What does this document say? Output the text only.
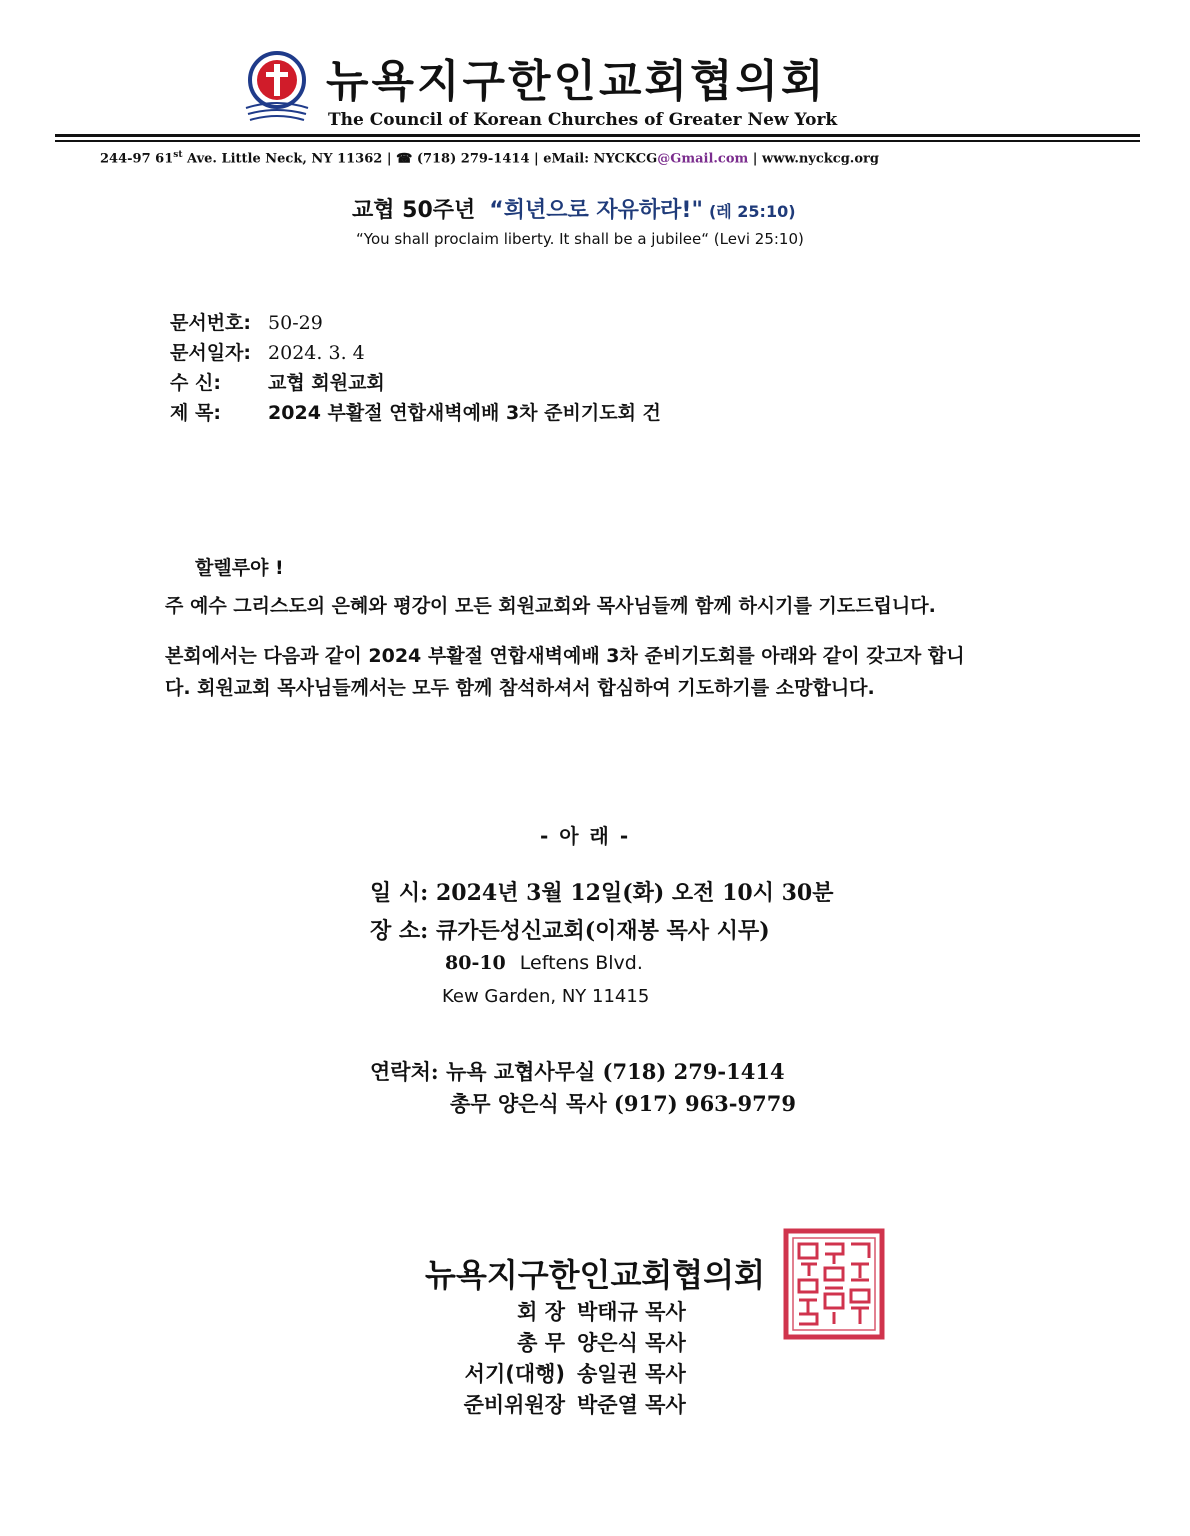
뉴욕지구한인교회협의회
The Council of Korean Churches of Greater New York
244-97 61st Ave. Little Neck, NY 11362 | ☎ (718) 279-1414 | eMail: NYCKCG@Gmail.com | www.nyckcg.org
교협 50주년 “희년으로 자유하라!" (레 25:10)
“You shall proclaim liberty. It shall be a jubilee“ (Levi 25:10)
문서번호: 50-29
문서일자: 2024. 3. 4
수 신: 교협 회원교회
제 목: 2024 부활절 연합새벽예배 3차 준비기도회 건

할렐루야 !

주 예수 그리스도의 은혜와 평강이 모든 회원교회와 목사님들께 함께 하시기를 기도드립니다.

본회에서는 다음과 같이 2024 부활절 연합새벽예배 3차 준비기도회를 아래와 같이 갖고자 합니다. 회원교회 목사님들께서는 모두 함께 참석하셔서 합심하여 기도하기를 소망합니다.

- 아 래 -
일 시: 2024년 3월 12일(화) 오전 10시 30분
장 소: 큐가든성신교회(이재봉 목사 시무)
80-10 Leftens Blvd.
Kew Garden, NY 11415
연락처: 뉴욕 교협사무실 (718) 279-1414
총무 양은식 목사 (917) 963-9779
뉴욕지구한인교회협의회
회 장 박태규 목사
총 무 양은식 목사
서기(대행) 송일권 목사
준비위원장 박준열 목사
